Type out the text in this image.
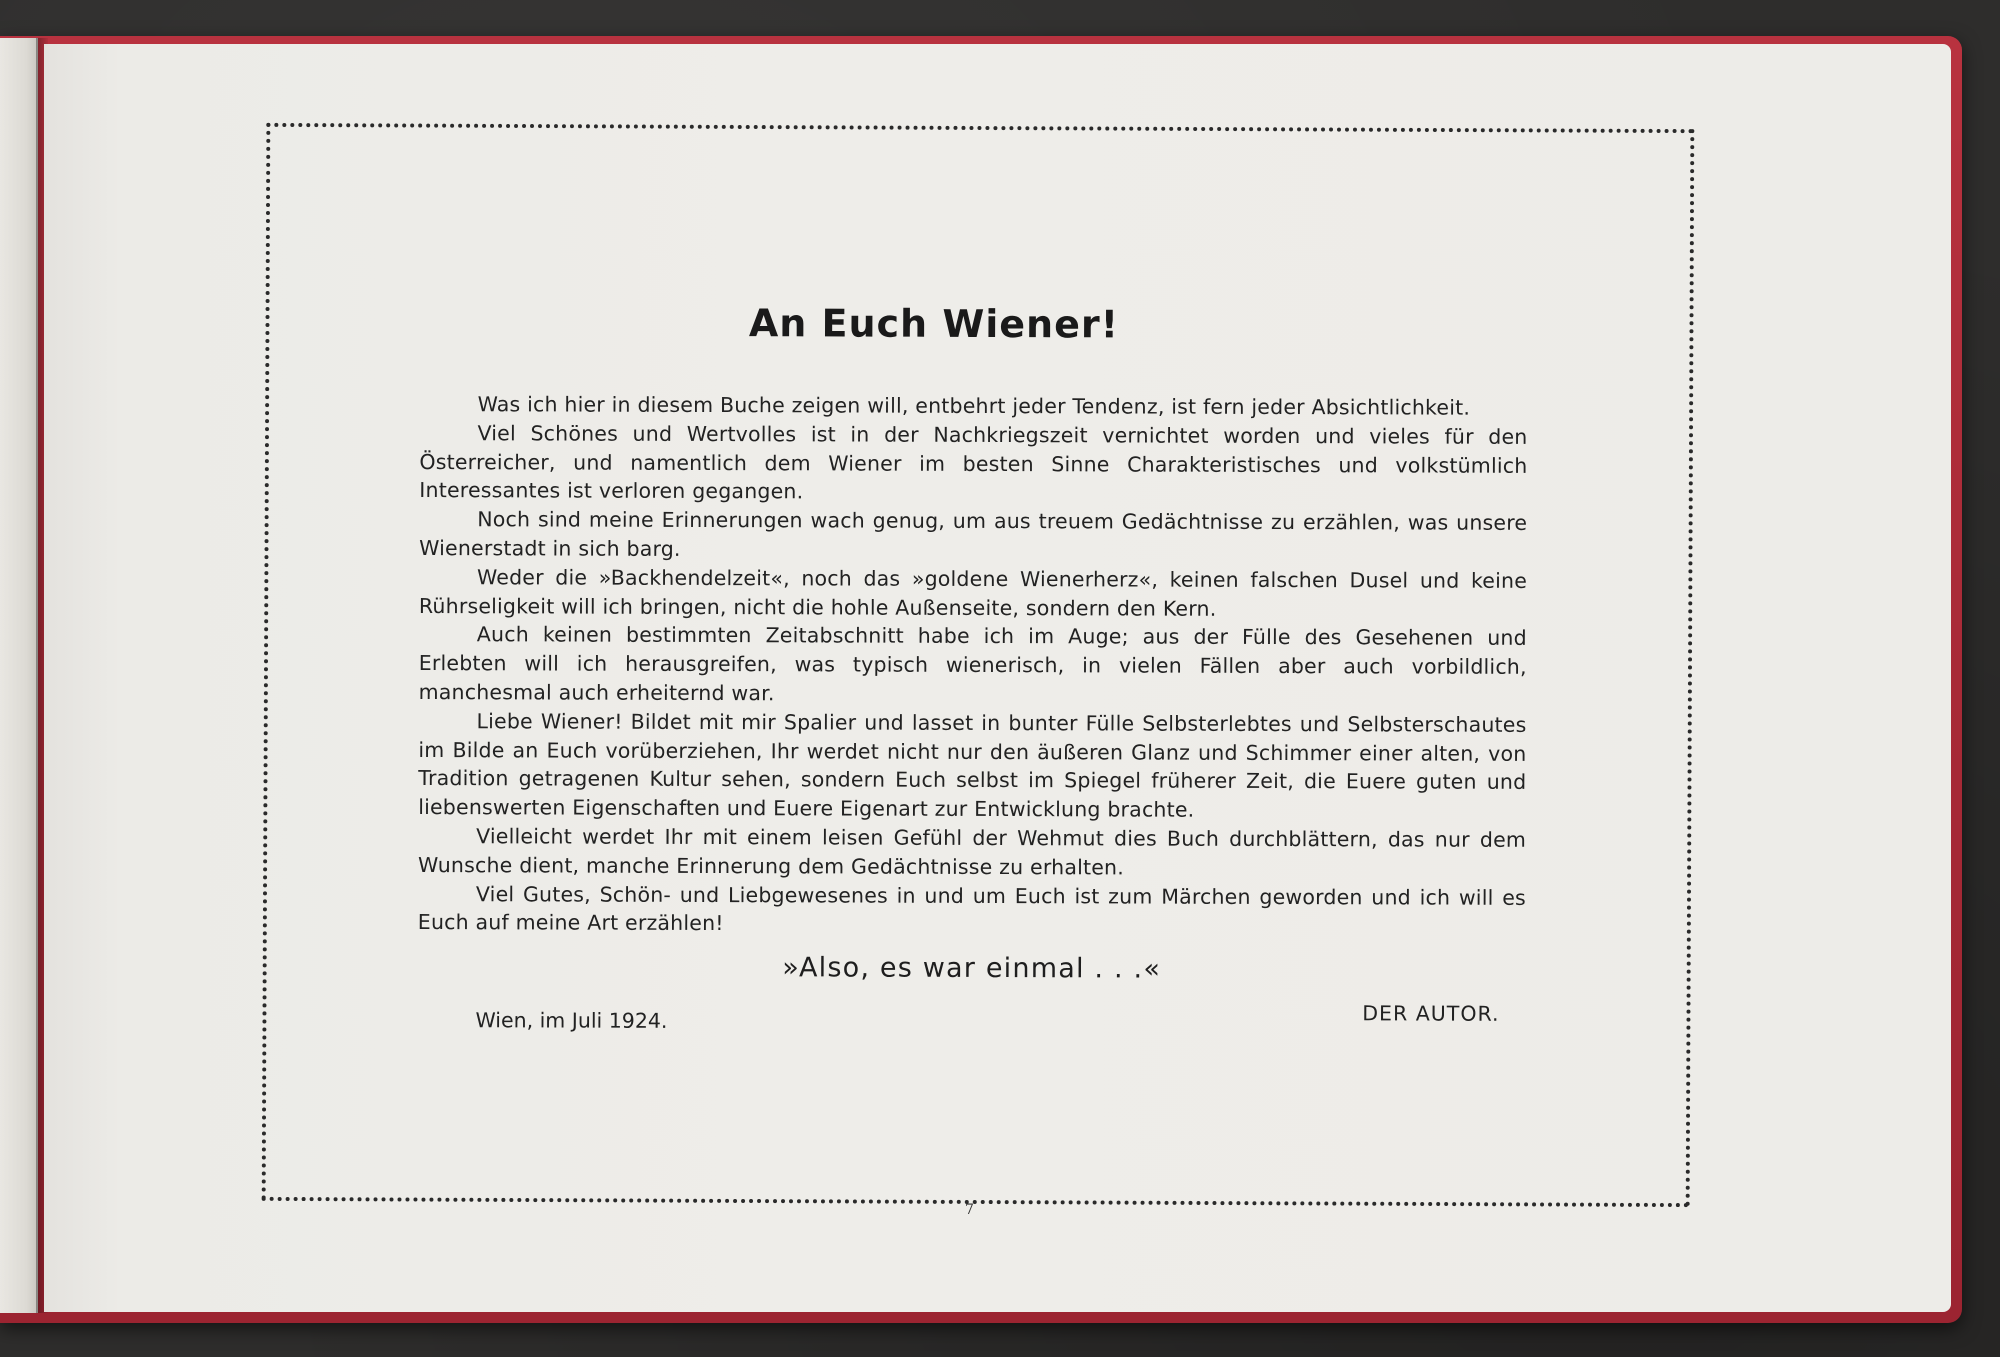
An Euch Wiener!

Was ich hier in diesem Buche zeigen will, entbehrt jeder Tendenz, ist fern jeder Absichtlichkeit.

Viel Schönes und Wertvolles ist in der Nachkriegszeit vernichtet worden und vieles für den Österreicher, und namentlich dem Wiener im besten Sinne Charakteristisches und volkstümlich Interessantes ist verloren gegangen.

Noch sind meine Erinnerungen wach genug, um aus treuem Gedächtnisse zu erzählen, was unsere Wienerstadt in sich barg.

Weder die »Backhendelzeit«, noch das »goldene Wienerherz«, keinen falschen Dusel und keine Rührseligkeit will ich bringen, nicht die hohle Außenseite, sondern den Kern.

Auch keinen bestimmten Zeitabschnitt habe ich im Auge; aus der Fülle des Gesehenen und Erlebten will ich herausgreifen, was typisch wienerisch, in vielen Fällen aber auch vorbildlich, manchesmal auch erheiternd war.

Liebe Wiener! Bildet mit mir Spalier und lasset in bunter Fülle Selbsterlebtes und Selbsterschautes im Bilde an Euch vorüberziehen, Ihr werdet nicht nur den äußeren Glanz und Schimmer einer alten, von Tradition getragenen Kultur sehen, sondern Euch selbst im Spiegel früherer Zeit, die Euere guten und liebenswerten Eigenschaften und Euere Eigenart zur Entwicklung brachte.

Vielleicht werdet Ihr mit einem leisen Gefühl der Wehmut dies Buch durchblättern, das nur dem Wunsche dient, manche Erinnerung dem Gedächtnisse zu erhalten.

Viel Gutes, Schön- und Liebgewesenes in und um Euch ist zum Märchen geworden und ich will es Euch auf meine Art erzählen!

»Also, es war einmal . . .«
Wien, im Juli 1924.	DER AUTOR.
7
